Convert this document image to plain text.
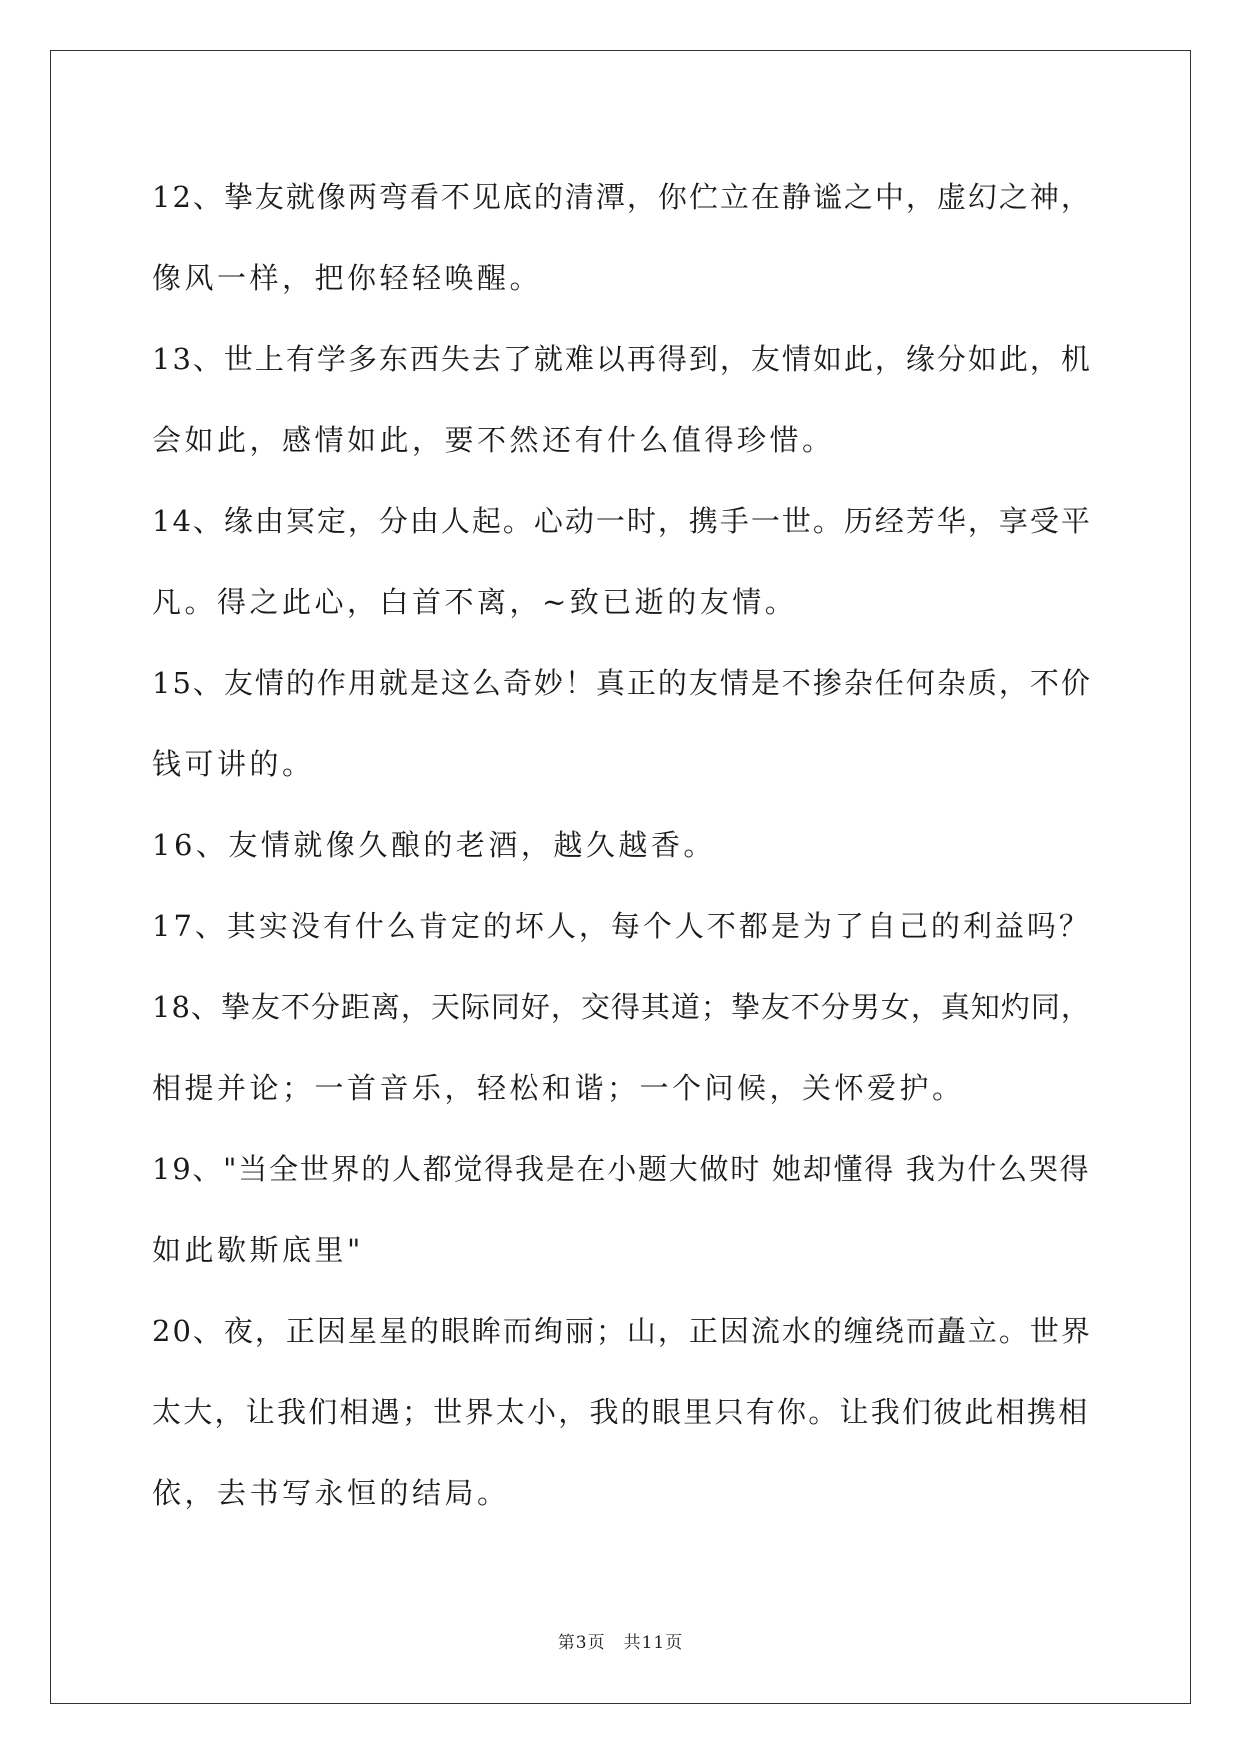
12、挚友就像两弯看不见底的清潭，你伫立在静谧之中，虚幻之神，

像风一样，把你轻轻唤醒。

13、世上有学多东西失去了就难以再得到，友情如此，缘分如此，机

会如此，感情如此，要不然还有什么值得珍惜。

14、缘由冥定，分由人起。心动一时，携手一世。历经芳华，享受平

凡。得之此心，白首不离，~致已逝的友情。

15、友情的作用就是这么奇妙！真正的友情是不掺杂任何杂质，不价

钱可讲的。

16、友情就像久酿的老酒，越久越香。

17、其实没有什么肯定的坏人，每个人不都是为了自己的利益吗？

18、挚友不分距离，天际同好，交得其道；挚友不分男女，真知灼同，

相提并论；一首音乐，轻松和谐；一个问候，关怀爱护。

19、"当全世界的人都觉得我是在小题大做时 她却懂得 我为什么哭得

如此歇斯底里"

20、夜，正因星星的眼眸而绚丽；山，正因流水的缠绕而矗立。世界

太大，让我们相遇；世界太小，我的眼里只有你。让我们彼此相携相

依，去书写永恒的结局。

第3页 共11页
